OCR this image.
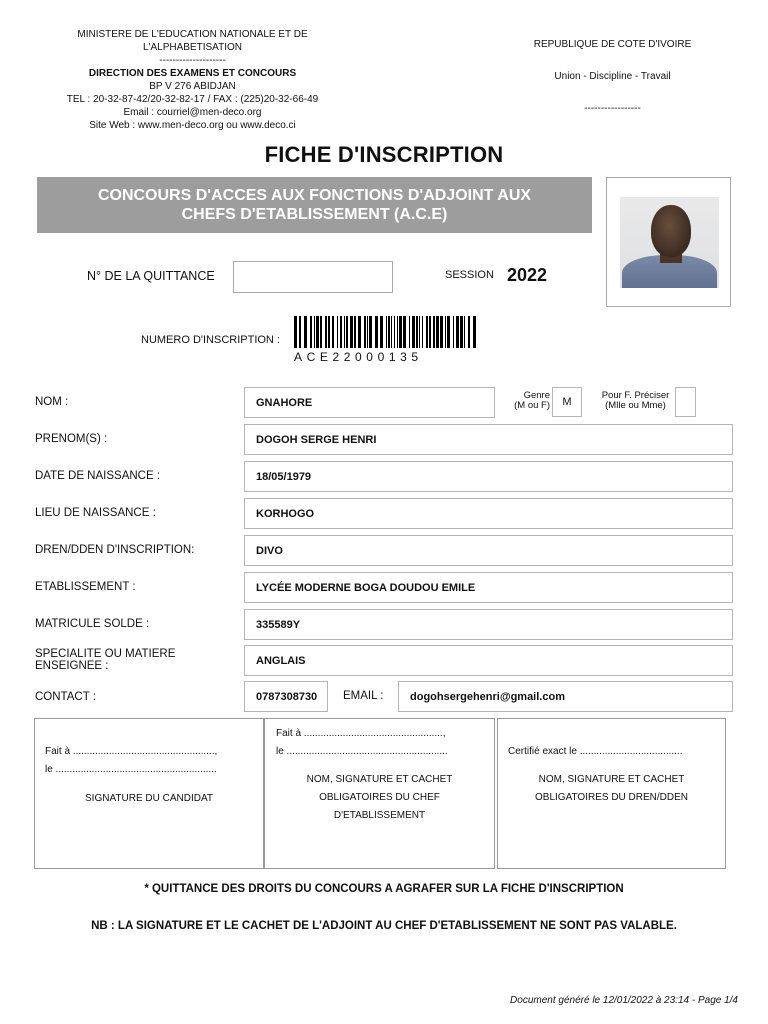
MINISTERE DE L'EDUCATION NATIONALE ET DE
L'ALPHABETISATION
--------------------
DIRECTION DES EXAMENS ET CONCOURS
BP V 276 ABIDJAN
TEL : 20-32-87-42/20-32-82-17 / FAX : (225)20-32-66-49
Email : courriel@men-deco.org
Site Web : www.men-deco.org ou www.deco.ci
REPUBLIQUE DE COTE D'IVOIRE
Union - Discipline - Travail
-----------------
FICHE D'INSCRIPTION
CONCOURS D'ACCES AUX FONCTIONS D'ADJOINT AUX
CHEFS D'ETABLISSEMENT (A.C.E)
N° DE LA QUITTANCE	SESSION 2022
NUMERO D'INSCRIPTION :
ACE22000135
NOM :	GNAHORE
Genre
(M ou F)	M
Pour F. Préciser
(Mlle ou Mme)
PRENOM(S) :	DOGOH SERGE HENRI
DATE DE NAISSANCE :	18/05/1979
LIEU DE NAISSANCE :	KORHOGO
DREN/DDEN D'INSCRIPTION:	DIVO
ETABLISSEMENT :	LYCÉE MODERNE BOGA DOUDOU EMILE
MATRICULE SOLDE :	335589Y
SPECIALITE OU MATIERE
ENSEIGNEE :	ANGLAIS
CONTACT :	0787308730	EMAIL :	dogohsergehenri@gmail.com
Fait à ...................................................,
le ..........................................................
SIGNATURE DU CANDIDAT
Fait à ..................................................,
le ..........................................................
NOM, SIGNATURE ET CACHET
OBLIGATOIRES DU CHEF
D'ETABLISSEMENT
Certifié exact le .....................................
NOM, SIGNATURE ET CACHET
OBLIGATOIRES DU DREN/DDEN
* QUITTANCE DES DROITS DU CONCOURS A AGRAFER SUR LA FICHE D'INSCRIPTION
NB : LA SIGNATURE ET LE CACHET DE L'ADJOINT AU CHEF D'ETABLISSEMENT NE SONT PAS VALABLE.
Document généré le 12/01/2022 à 23:14 - Page 1/4
